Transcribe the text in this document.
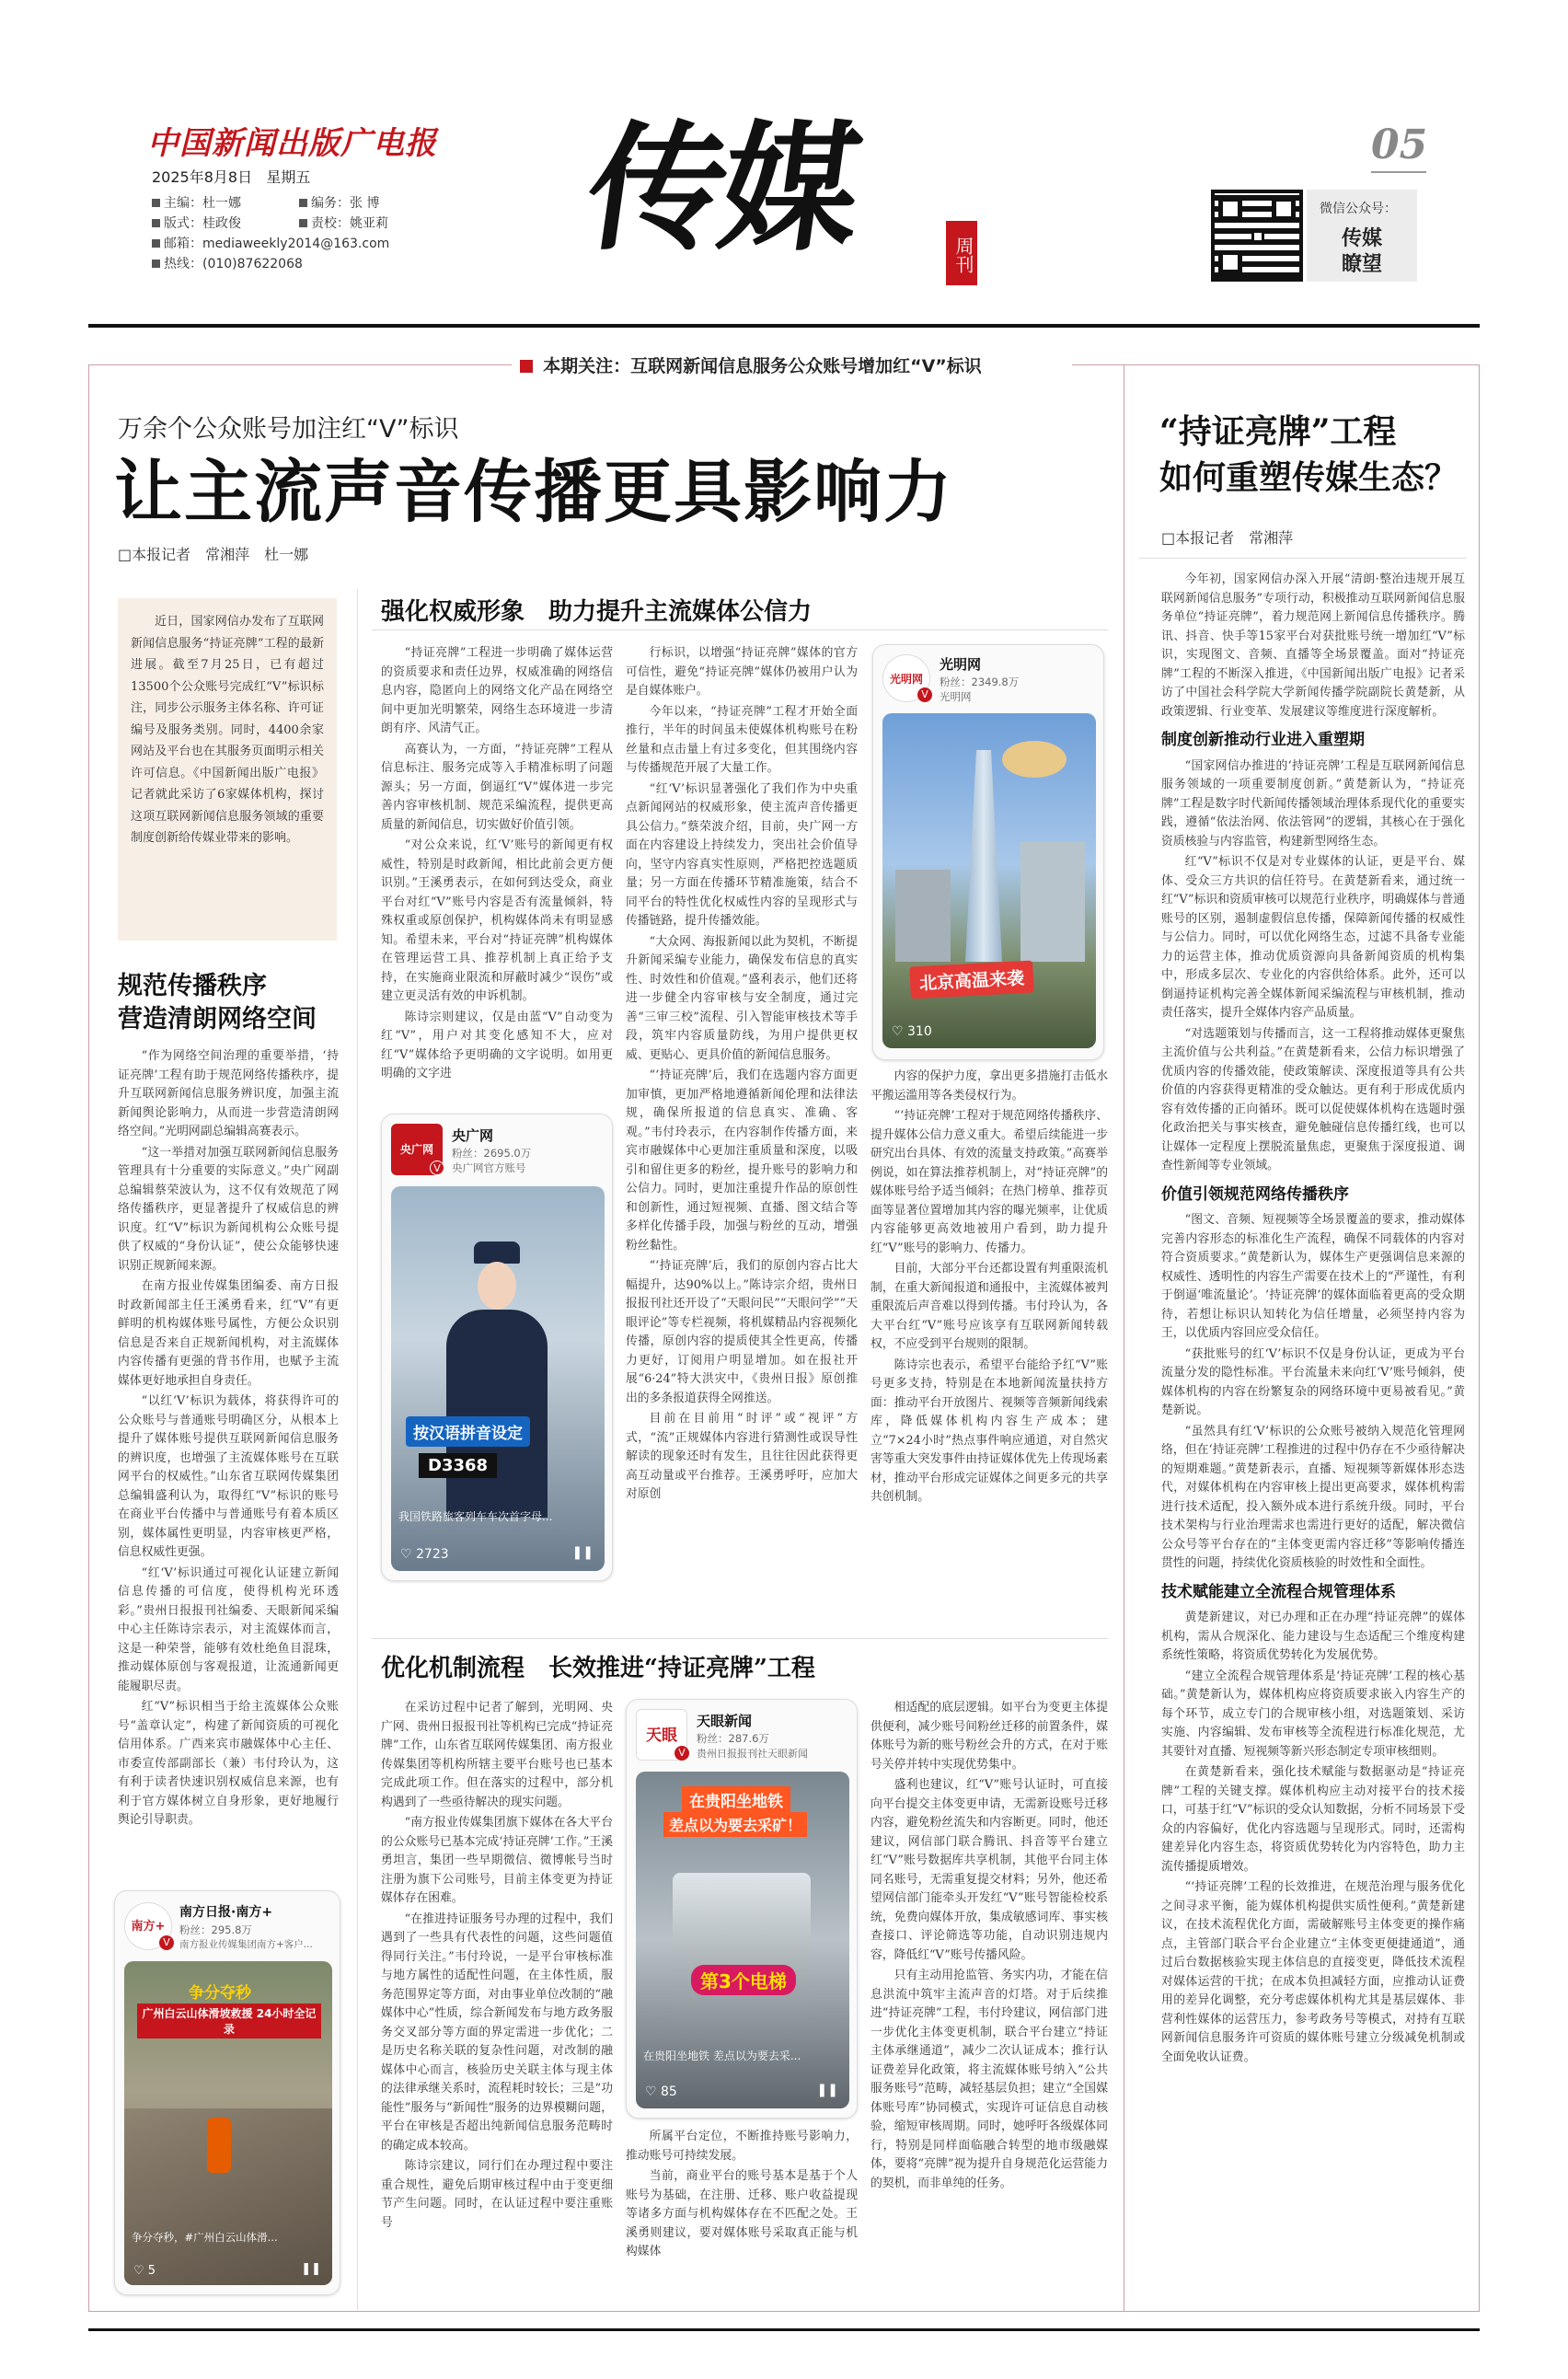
中国新闻出版广电报
2025年8月8日 星期五
主编：杜一娜	编务：张 博
版式：桂政俊	责校：姚亚莉
邮箱：mediaweekly2014@163.com
热线：(010)87622068	传媒	周刊
05
微信公众号：
传媒瞭望
本期关注：互联网新闻信息服务公众账号增加红“V”标识
万余个公众账号加注红“V”标识
让主流声音传播更具影响力
□本报记者　常湘萍　杜一娜

近日，国家网信办发布了互联网新闻信息服务“持证亮牌”工程的最新进展。截至7月25日，已有超过13500个公众账号完成红“V”标识标注，同步公示服务主体名称、许可证编号及服务类别。同时，4400余家网站及平台也在其服务页面明示相关许可信息。《中国新闻出版广电报》记者就此采访了6家媒体机构，探讨这项互联网新闻信息服务领域的重要制度创新给传媒业带来的影响。

规范传播秩序
营造清朗网络空间

“作为网络空间治理的重要举措，‘持证亮牌’工程有助于规范网络传播秩序，提升互联网新闻信息服务辨识度，加强主流新闻舆论影响力，从而进一步营造清朗网络空间。”光明网副总编辑高赛表示。

“这一举措对加强互联网新闻信息服务管理具有十分重要的实际意义。”央广网副总编辑蔡荣波认为，这不仅有效规范了网络传播秩序，更显著提升了权威信息的辨识度。红“V”标识为新闻机构公众账号提供了权威的“身份认证”，使公众能够快速识别正规新闻来源。

在南方报业传媒集团编委、南方日报时政新闻部主任王溪勇看来，红“V”有更鲜明的机构媒体账号属性，方便公众识别信息是否来自正规新闻机构，对主流媒体内容传播有更强的背书作用，也赋予主流媒体更好地承担自身责任。

“以红‘V’标识为载体，将获得许可的公众账号与普通账号明确区分，从根本上提升了媒体账号提供互联网新闻信息服务的辨识度，也增强了主流媒体账号在互联网平台的权威性。”山东省互联网传媒集团总编辑盛利认为，取得红“V”标识的账号在商业平台传播中与普通账号有着本质区别，媒体属性更明显，内容审核更严格，信息权威性更强。

“红‘V’标识通过可视化认证建立新闻信息传播的可信度，使得机构光环透彩。”贵州日报报刊社编委、天眼新闻采编中心主任陈诗宗表示，对主流媒体而言，这是一种荣誉，能够有效杜绝鱼目混珠，推动媒体原创与客观报道，让流通新闻更能履职尽责。

红“V”标识相当于给主流媒体公众账号“盖章认定”，构建了新闻资质的可视化信用体系。广西来宾市融媒体中心主任、市委宣传部副部长（兼）韦付玲认为，这有利于读者快速识别权威信息来源，也有利于官方媒体树立自身形象，更好地履行舆论引导职责。

强化权威形象　助力提升主流媒体公信力

“持证亮牌”工程进一步明确了媒体运营的资质要求和责任边界，权威准确的网络信息内容，隐匿向上的网络文化产品在网络空间中更加光明繁荣，网络生态环境进一步清朗有序、风清气正。

高赛认为，一方面，“持证亮牌”工程从信息标注、服务完成等入手精准标明了问题源头；另一方面，倒逼红“V”媒体进一步完善内容审核机制、规范采编流程，提供更高质量的新闻信息，切实做好价值引领。

“对公众来说，红‘V’账号的新闻更有权威性，特别是时政新闻，相比此前会更方便识别。”王溪勇表示，在如何到达受众，商业平台对红“V”账号内容是否有流量倾斜，特殊权重或原创保护，机构媒体尚未有明显感知。希望未来，平台对“持证亮牌”机构媒体在管理运营工具、推荐机制上真正给予支持，在实施商业限流和屏蔽时减少“误伤”或建立更灵活有效的申诉机制。

陈诗宗则建议，仅是由蓝“V”自动变为红“V”，用户对其变化感知不大，应对红“V”媒体给予更明确的文字说明。如用更明确的文字进

行标识，以增强“持证亮牌”媒体的官方可信性，避免“持证亮牌”媒体仍被用户认为是自媒体账户。

今年以来，“持证亮牌”工程才开始全面推行，半年的时间虽未使媒体机构账号在粉丝量和点击量上有过多变化，但其围绕内容与传播规范开展了大量工作。

“红‘V’标识显著强化了我们作为中央重点新闻网站的权威形象，使主流声音传播更具公信力。”蔡荣波介绍，目前，央广网一方面在内容建设上持续发力，突出社会价值导向，坚守内容真实性原则，严格把控选题质量；另一方面在传播环节精准施策，结合不同平台的特性优化权威性内容的呈现形式与传播链路，提升传播效能。

“大众网、海报新闻以此为契机，不断提升新闻采编专业能力，确保发布信息的真实性、时效性和价值观。”盛利表示，他们还将进一步健全内容审核与安全制度，通过完善“三审三校”流程、引入智能审核技术等手段，筑牢内容质量防线，为用户提供更权威、更贴心、更具价值的新闻信息服务。

“‘持证亮牌’后，我们在选题内容方面更加审慎，更加严格地遵循新闻伦理和法律法规，确保所报道的信息真实、准确、客观。”韦付玲表示，在内容制作传播方面，来宾市融媒体中心更加注重质量和深度，以吸引和留住更多的粉丝，提升账号的影响力和公信力。同时，更加注重提升作品的原创性和创新性，通过短视频、直播、图文结合等多样化传播手段，加强与粉丝的互动，增强粉丝黏性。

“‘持证亮牌’后，我们的原创内容占比大幅提升，达90%以上。”陈诗宗介绍，贵州日报报刊社还开设了“天眼问民”“天眼问学”“天眼评论”等专栏视频，将机媒精品内容视频化传播，原创内容的提质使其全性更高，传播力更好，订阅用户明显增加。如在报社开展“6·24”特大洪灾中，《贵州日报》原创推出的多条报道获得全网推送。

目前在目前用“时评”或“视评”方式，“流”正规媒体内容进行猜测性或误导性解读的现象还时有发生，且往往因此获得更高互动量或平台推荐。王溪勇呼吁，应加大对原创

内容的保护力度，拿出更多措施打击低水平搬运滥用等各类侵权行为。

“‘持证亮牌’工程对于规范网络传播秩序、提升媒体公信力意义重大。希望后续能进一步研究出台具体、有效的流量支持政策。”高赛举例说，如在算法推荐机制上，对“持证亮牌”的媒体账号给予适当倾斜；在热门榜单、推荐页面等显著位置增加其内容的曝光频率，让优质内容能够更高效地被用户看到，助力提升红“V”账号的影响力、传播力。

目前，大部分平台还都设置有判重限流机制，在重大新闻报道和通报中，主流媒体被判重限流后声音难以得到传播。韦付玲认为，各大平台红“V”账号应该享有互联网新闻转载权，不应受到平台规则的限制。

陈诗宗也表示，希望平台能给予红“V”账号更多支持，特别是在本地新闻流量扶持方面：推动平台开放图片、视频等音频新闻线索库，降低媒体机构内容生产成本；建立“7×24小时”热点事件响应通道，对自然灾害等重大突发事件由持证媒体优先上传现场素材，推动平台形成完证媒体之间更多元的共享共创机制。

光明网
V
光明网
粉丝：2349.8万
光明网
北京高温来袭
♡ 310
央广网
V
央广网
粉丝：2695.0万
央广网官方账号
按汉语拼音设定
D3368
我国铁路旅客列车车次首字母...
♡ 2723	❚❚
南方+
V
南方日报·南方+
粉丝：295.8万
南方报业传媒集团南方+客户...
争分夺秒
广州白云山体滑坡救援 24小时全记录
争分夺秒，#广州白云山体滑...
♡ 5	❚❚
优化机制流程　长效推进“持证亮牌”工程

在采访过程中记者了解到，光明网、央广网、贵州日报报刊社等机构已完成“持证亮牌”工作，山东省互联网传媒集团、南方报业传媒集团等机构所辖主要平台账号也已基本完成此项工作。但在落实的过程中，部分机构遇到了一些亟待解决的现实问题。

“南方报业传媒集团旗下媒体在各大平台的公众账号已基本完成‘持证亮牌’工作。”王溪勇坦言，集团一些早期微信、微博帐号当时注册为旗下公司账号，目前主体变更为持证媒体存在困难。

“在推进持证服务号办理的过程中，我们遇到了一些具有代表性的问题，这些问题值得同行关注。”韦付玲说，一是平台审核标准与地方属性的适配性问题，在主体性质，服务范围界定等方面，对由事业单位改制的“融媒体中心”性质，综合新闻发布与地方政务服务交叉部分等方面的界定需进一步优化；二是历史名称关联的复杂性问题，对改制的融媒体中心而言，核验历史关联主体与现主体的法律承继关系时，流程耗时较长；三是“功能性”服务与“新闻性”服务的边界模糊问题，平台在审核是否超出纯新闻信息服务范畴时的确定成本较高。

陈诗宗建议，同行们在办理过程中要注重合规性，避免后期审核过程中由于变更细节产生问题。同时，在认证过程中要注重账号

所属平台定位，不断推持账号影响力，推动账号可持续发展。

当前，商业平台的账号基本是基于个人账号为基础，在注册、迁移、账户收益提现等诸多方面与机构媒体存在不匹配之处。王溪勇则建议，要对媒体账号采取真正能与机构媒体

相适配的底层逻辑。如平台为变更主体提供便利，减少账号间粉丝迁移的前置条件，媒体账号为新的账号粉丝会升的方式，在对于账号关停并转中实现优势集中。

盛利也建议，红“V”账号认证时，可直接向平台提交主体变更申请，无需新设账号迁移内容，避免粉丝流失和内容断更。同时，他还建议，网信部门联合腾讯、抖音等平台建立红“V”账号数据库共享机制，其他平台同主体同名账号，无需重复提交材料；另外，他还希望网信部门能牵头开发红“V”账号智能检校系统，免费向媒体开放，集成敏感词库、事实核查接口、评论筛选等功能，自动识别违规内容，降低红“V”账号传播风险。

只有主动用抢监管、务实内功，才能在信息洪流中筑牢主流声音的灯塔。对于后续推进“持证亮牌”工程，韦付玲建议，网信部门进一步优化主体变更机制，联合平台建立“持证主体承继通道”，减少二次认证成本；推行认证费差异化政策，将主流媒体账号纳入“公共服务账号”范畴，减轻基层负担；建立“全国媒体账号库”协同模式，实现许可证信息自动核验，缩短审核周期。同时，她呼吁各级媒体同行，特别是同样面临融合转型的地市级融媒体，要将“亮牌”视为提升自身规范化运营能力的契机，而非单纯的任务。

天眼
V
天眼新闻
粉丝：287.6万
贵州日报报刊社天眼新闻
在贵阳坐地铁
差点以为要去采矿！
第3个电梯
在贵阳坐地铁 差点以为要去采...
♡ 85	❚❚
“持证亮牌”工程
如何重塑传媒生态？
□本报记者　常湘萍

今年初，国家网信办深入开展“清朗·整治违规开展互联网新闻信息服务”专项行动，积极推动互联网新闻信息服务单位“持证亮牌”，着力规范网上新闻信息传播秩序。腾讯、抖音、快手等15家平台对获批账号统一增加红“V”标识，实现图文、音频、直播等全场景覆盖。面对“持证亮牌”工程的不断深入推进，《中国新闻出版广电报》记者采访了中国社会科学院大学新闻传播学院副院长黄楚新，从政策逻辑、行业变革、发展建议等维度进行深度解析。

制度创新推动行业进入重塑期

“国家网信办推进的‘持证亮牌’工程是互联网新闻信息服务领域的一项重要制度创新。”黄楚新认为，“持证亮牌”工程是数字时代新闻传播领域治理体系现代化的重要实践，遵循“依法治网、依法管网”的逻辑，其核心在于强化资质核验与内容监管，构建新型网络生态。

红“V”标识不仅是对专业媒体的认证，更是平台、媒体、受众三方共识的信任符号。在黄楚新看来，通过统一红“V”标识和资质审核可以规范行业秩序，明确媒体与普通账号的区别，遏制虚假信息传播，保障新闻传播的权威性与公信力。同时，可以优化网络生态，过滤不具备专业能力的运营主体，推动优质资源向具备新闻资质的机构集中，形成多层次、专业化的内容供给体系。此外，还可以倒逼持证机构完善全媒体新闻采编流程与审核机制，推动责任落实，提升全媒体内容产品质量。

“对选题策划与传播而言，这一工程将推动媒体更聚焦主流价值与公共利益。”在黄楚新看来，公信力标识增强了优质内容的传播效能，使政策解读、深度报道等具有公共价值的内容获得更精准的受众触达。更有利于形成优质内容有效传播的正向循环。既可以促使媒体机构在选题时强化政治把关与事实核查，避免触碰信息传播红线，也可以让媒体一定程度上摆脱流量焦虑，更聚焦于深度报道、调查性新闻等专业领域。

价值引领规范网络传播秩序

“图文、音频、短视频等全场景覆盖的要求，推动媒体完善内容形态的标准化生产流程，确保不同载体的内容对符合资质要求。”黄楚新认为，媒体生产更强调信息来源的权威性、透明性的内容生产需要在技术上的“严谨性，有利于倒逼‘唯流量论’。‘持证亮牌’的媒体面临着更高的受众期待，若想让标识认知转化为信任增量，必须坚持内容为王，以优质内容回应受众信任。

“获批账号的红‘V’标识不仅是身份认证，更成为平台流量分发的隐性标准。平台流量未来向红‘V’账号倾斜，使媒体机构的内容在纷繁复杂的网络环境中更易被看见。”黄楚新说。

“虽然具有红‘V’标识的公众账号被纳入规范化管理网络，但在‘持证亮牌’工程推进的过程中仍存在不少亟待解决的短期难题。”黄楚新表示，直播、短视频等新媒体形态迭代，对媒体机构在内容审核上提出更高要求，媒体机构需进行技术适配，投入额外成本进行系统升级。同时，平台技术架构与行业治理需求也需进行更好的适配，解决微信公众号等平台存在的“主体变更需内容迁移”等影响传播连贯性的问题，持续优化资质核验的时效性和全面性。

技术赋能建立全流程合规管理体系

黄楚新建议，对已办理和正在办理“持证亮牌”的媒体机构，需从合规深化、能力建设与生态适配三个维度构建系统性策略，将资质优势转化为发展优势。

“建立全流程合规管理体系是‘持证亮牌’工程的核心基础。”黄楚新认为，媒体机构应将资质要求嵌入内容生产的每个环节，成立专门的合规审核小组，对选题策划、采访实施、内容编辑、发布审核等全流程进行标准化规范，尤其要针对直播、短视频等新兴形态制定专项审核细则。

在黄楚新看来，强化技术赋能与数据驱动是“持证亮牌”工程的关键支撑。媒体机构应主动对接平台的技术接口，可基于红“V”标识的受众认知数据，分析不同场景下受众的内容偏好，优化内容选题与呈现形式。同时，还需构建差异化内容生态，将资质优势转化为内容特色，助力主流传播提质增效。

“‘持证亮牌’工程的长效推进，在规范治理与服务优化之间寻求平衡，能为媒体机构提供实质性便利。”黄楚新建议，在技术流程优化方面，需破解账号主体变更的操作痛点，主管部门联合平台企业建立“主体变更便捷通道”，通过后台数据核验实现主体信息的直接变更，降低技术流程对媒体运营的干扰；在成本负担减轻方面，应推动认证费用的差异化调整，充分考虑媒体机构尤其是基层媒体、非营利性媒体的运营压力，参考政务号等模式，对持有互联网新闻信息服务许可资质的媒体账号建立分级减免机制或全面免收认证费。
